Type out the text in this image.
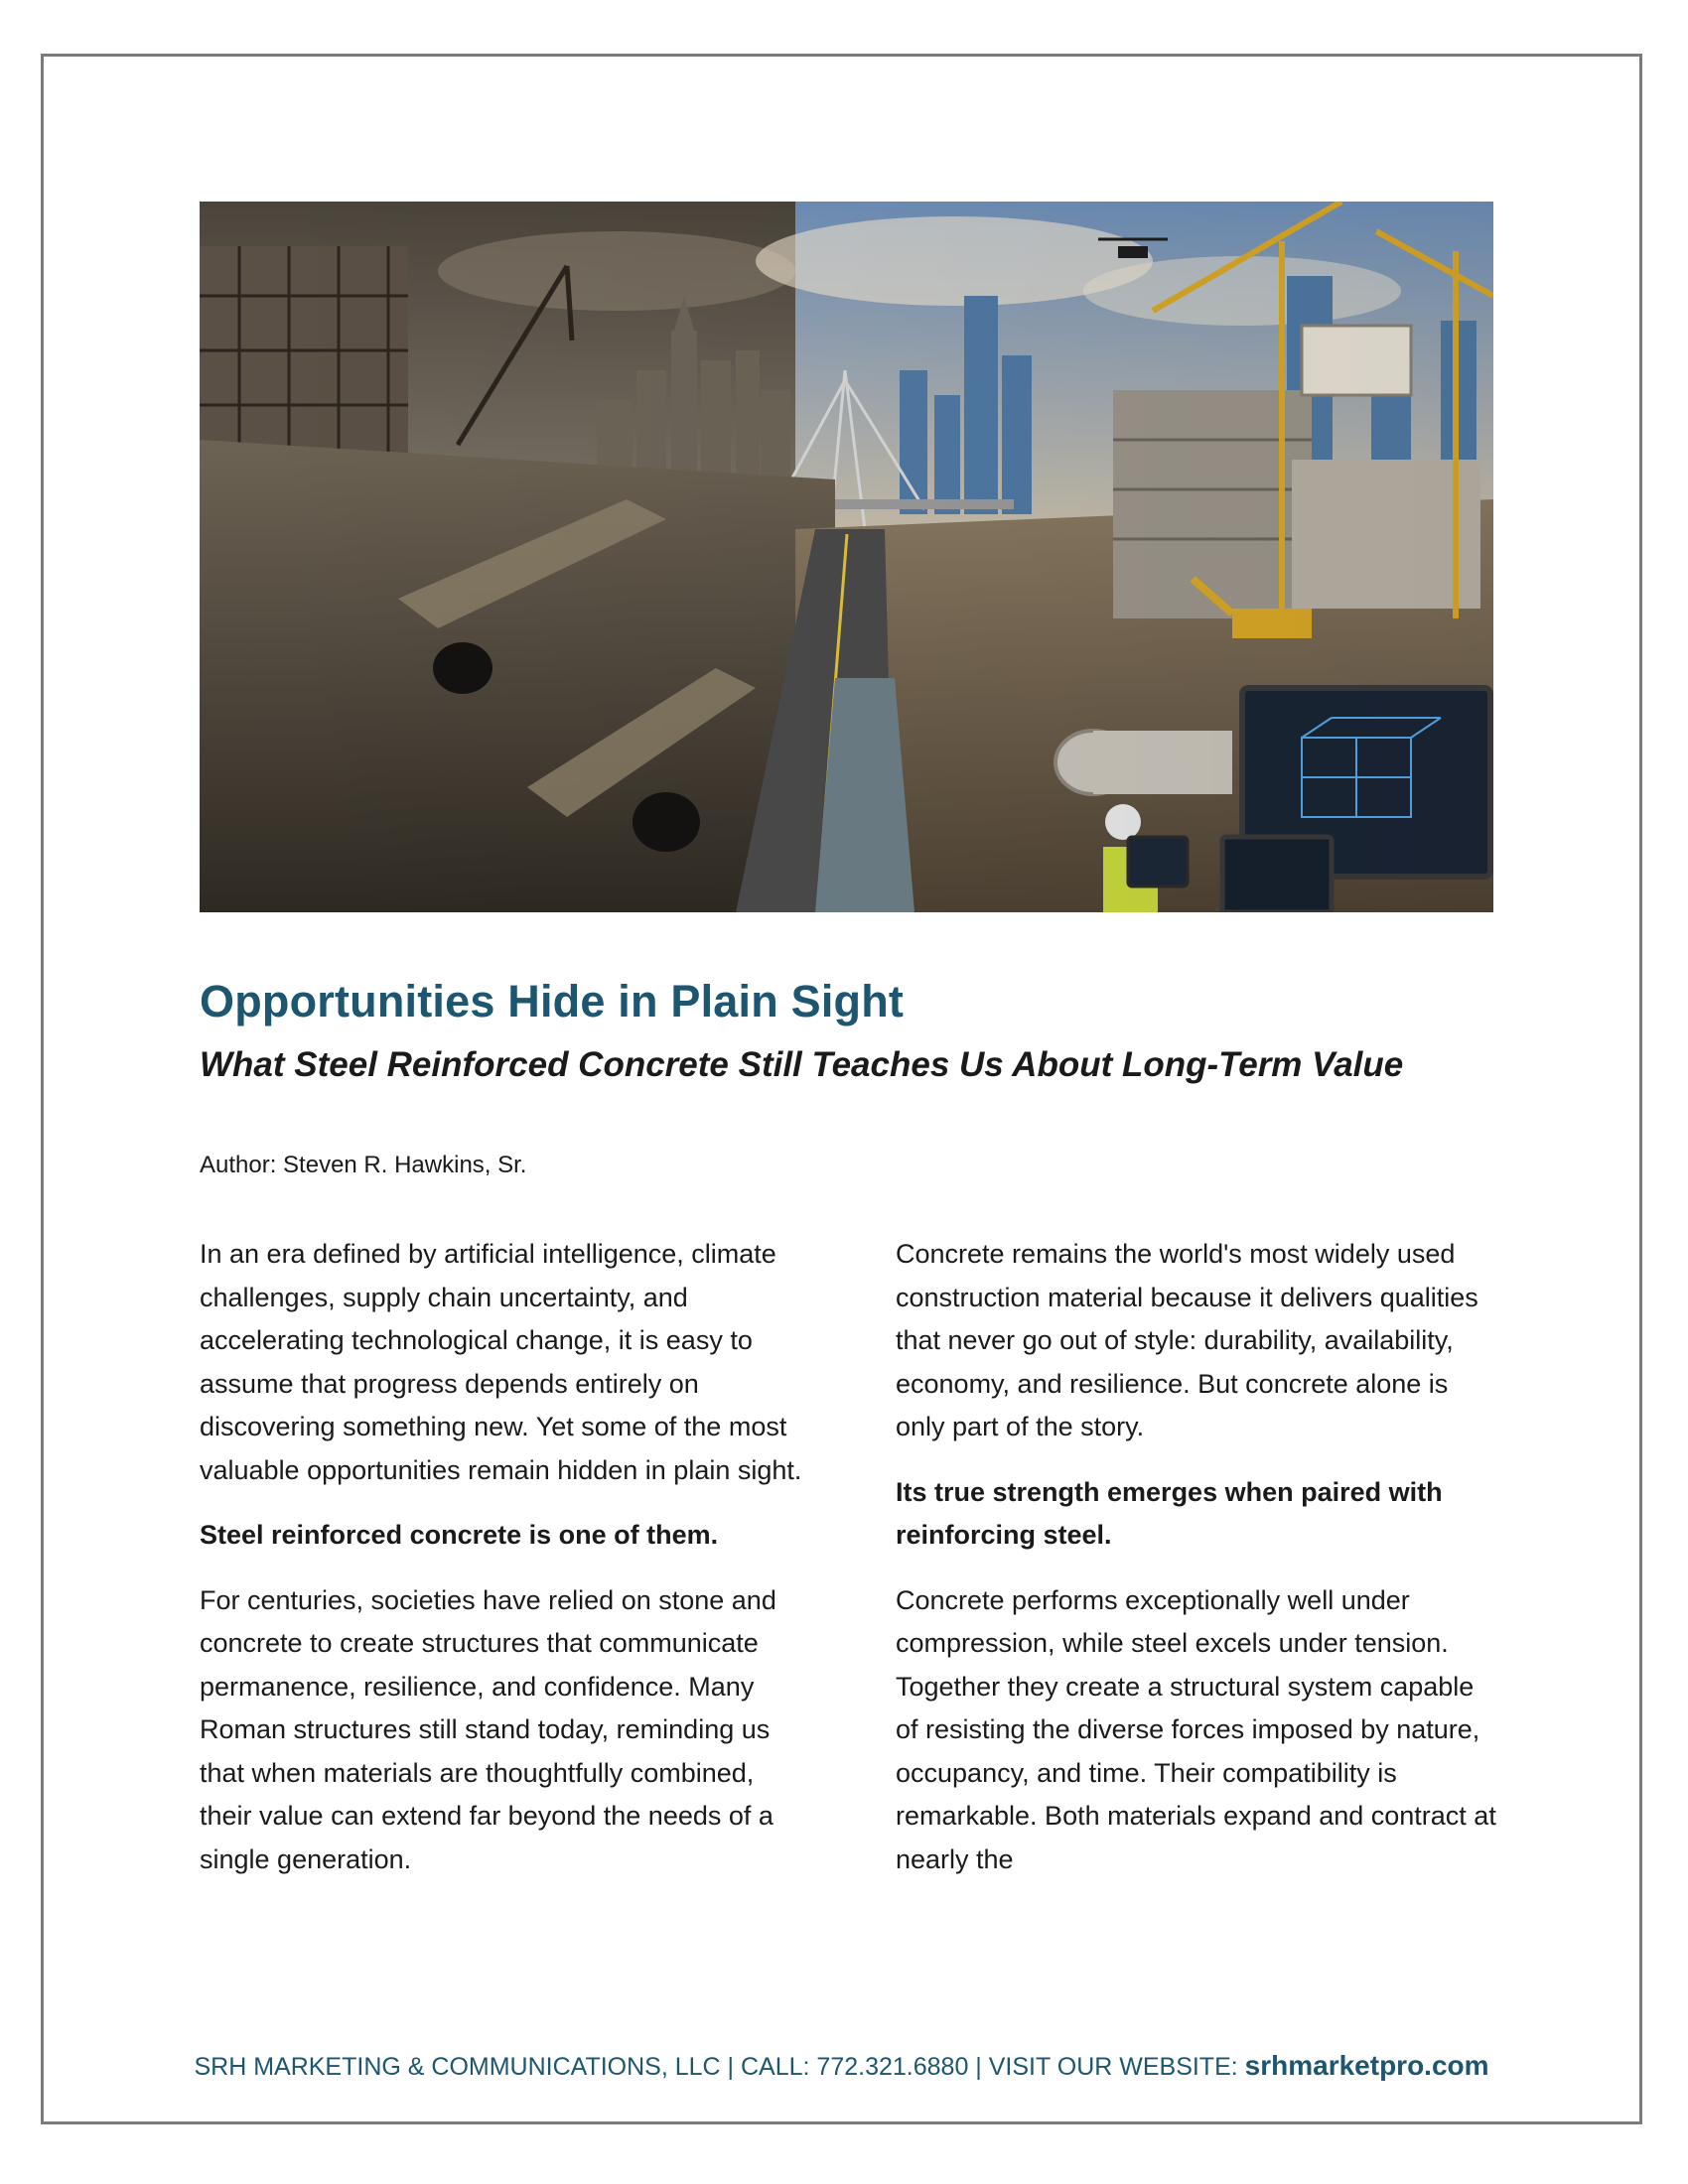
Opportunities Hide in Plain Sight
What Steel Reinforced Concrete Still Teaches Us About Long-Term Value

Author: Steven R. Hawkins, Sr.

In an era defined by artificial intelligence, climate challenges, supply chain uncertainty, and accelerating technological change, it is easy to assume that progress depends entirely on discovering something new. Yet some of the most valuable opportunities remain hidden in plain sight.

Steel reinforced concrete is one of them.

For centuries, societies have relied on stone and concrete to create structures that communicate permanence, resilience, and confidence. Many Roman structures still stand today, reminding us that when materials are thoughtfully combined, their value can extend far beyond the needs of a single generation.

Concrete remains the world's most widely used construction material because it delivers qualities that never go out of style: durability, availability, economy, and resilience. But concrete alone is only part of the story.

Its true strength emerges when paired with reinforcing steel.

Concrete performs exceptionally well under compression, while steel excels under tension. Together they create a structural system capable of resisting the diverse forces imposed by nature, occupancy, and time. Their compatibility is remarkable. Both materials expand and contract at nearly the

SRH MARKETING & COMMUNICATIONS, LLC | CALL: 772.321.6880 | VISIT OUR WEBSITE: srhmarketpro.com
